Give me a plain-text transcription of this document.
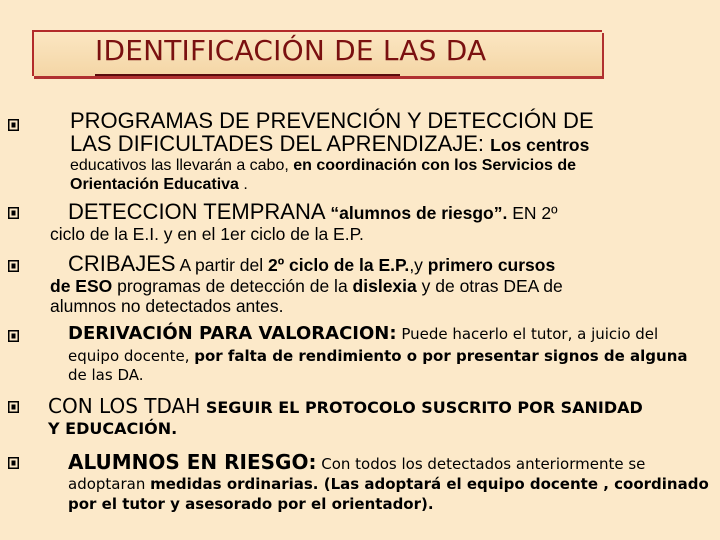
IDENTIFICACIÓN DE LAS DA
PROGRAMAS DE PREVENCIÓN Y DETECCIÓN DE
LAS DIFICULTADES DEL APRENDIZAJE: Los centros
educativos las llevarán a cabo, en coordinación con los Servicios de
Orientación Educativa .
DETECCION TEMPRANA “alumnos de riesgo”. EN 2º
ciclo de la E.I. y en el 1er ciclo de la E.P.
CRIBAJES A partir del 2º ciclo de la E.P.,y primero cursos
de ESO programas de detección de la dislexia y de otras DEA de
alumnos no detectados antes.
DERIVACIÓN PARA VALORACION: Puede hacerlo el tutor, a juicio del
equipo docente, por falta de rendimiento o por presentar signos de alguna
de las DA.
CON LOS TDAH SEGUIR EL PROTOCOLO SUSCRITO POR SANIDAD
Y EDUCACIÓN.
ALUMNOS EN RIESGO: Con todos los detectados anteriormente se
adoptaran medidas ordinarias. (Las adoptará el equipo docente , coordinado
por el tutor y asesorado por el orientador).
